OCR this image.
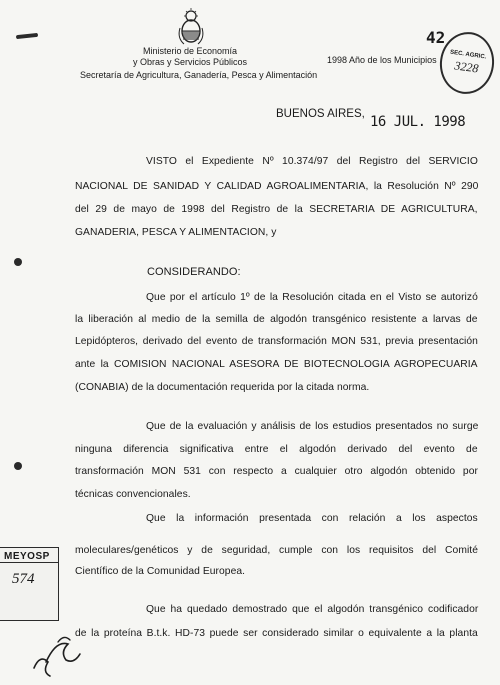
Ministerio de Economía
y Obras y Servicios Públicos
Secretaría de Agricultura, Ganadería, Pesca y Alimentación
1998 Año de los Municipios
42
SEC. AGRIC.
3228
BUENOS AIRES, 16 JUL. 1998
VISTO el Expediente Nº 10.374/97 del Registro del SERVICIO
NACIONAL DE SANIDAD Y CALIDAD AGROALIMENTARIA, la Resolución Nº 290
del 29 de mayo de 1998 del Registro de la SECRETARIA DE AGRICULTURA,
GANADERIA, PESCA Y ALIMENTACION, y
CONSIDERANDO:
Que por el artículo 1º de la Resolución citada en el Visto se autorizó
la liberación al medio de la semilla de algodón transgénico resistente a larvas de
Lepidópteros, derivado del evento de transformación MON 531, previa presentación
ante la COMISION NACIONAL ASESORA DE BIOTECNOLOGIA AGROPECUARIA
(CONABIA) de la documentación requerida por la citada norma.
Que de la evaluación y análisis de los estudios presentados no surge
ninguna diferencia significativa entre el algodón derivado del evento de
transformación MON 531 con respecto a cualquier otro algodón obtenido por
técnicas convencionales.
Que la información presentada con relación a los aspectos
moleculares/genéticos y de seguridad, cumple con los requisitos del Comité
Científico de la Comunidad Europea.
Que ha quedado demostrado que el algodón transgénico codificador
de la proteína B.t.k. HD-73 puede ser considerado similar o equivalente a la planta
MEYOSP
574
